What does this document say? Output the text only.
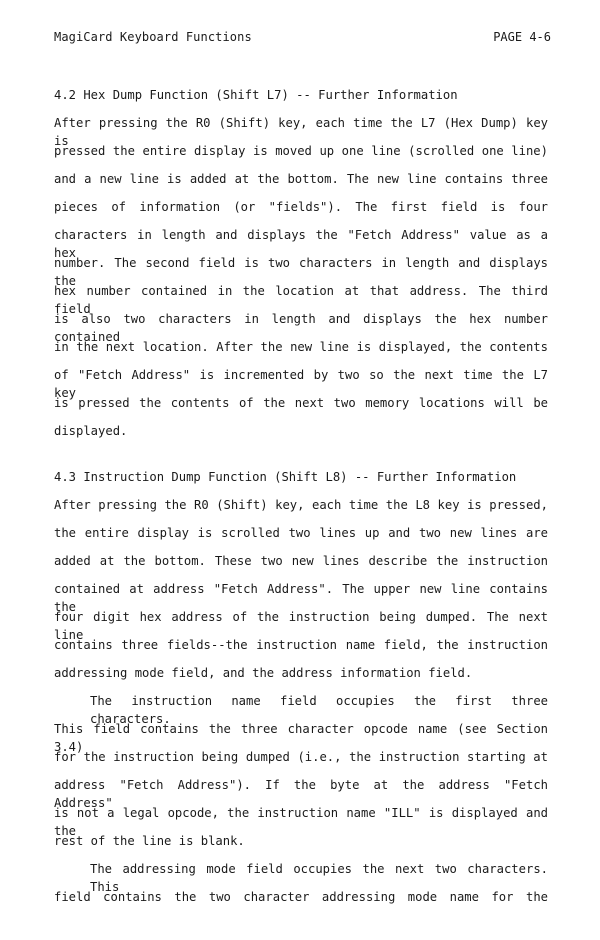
MagiCard Keyboard Functions	PAGE 4-6
4.2 Hex Dump Function (Shift L7) -- Further Information
After pressing the R0 (Shift) key, each time the L7 (Hex Dump) key is
pressed the entire display is moved up one line (scrolled one line)
and a new line is added at the bottom. The new line contains three
pieces of information (or "fields"). The first field is four
characters in length and displays the "Fetch Address" value as a hex
number. The second field is two characters in length and displays the
hex number contained in the location at that address. The third field
is also two characters in length and displays the hex number contained
in the next location. After the new line is displayed, the contents
of "Fetch Address" is incremented by two so the next time the L7 key
is pressed the contents of the next two memory locations will be
displayed.
4.3 Instruction Dump Function (Shift L8) -- Further Information
After pressing the R0 (Shift) key, each time the L8 key is pressed,
the entire display is scrolled two lines up and two new lines are
added at the bottom. These two new lines describe the instruction
contained at address "Fetch Address". The upper new line contains the
four digit hex address of the instruction being dumped. The next line
contains three fields--the instruction name field, the instruction
addressing mode field, and the address information field.
The instruction name field occupies the first three characters.
This field contains the three character opcode name (see Section 3.4)
for the instruction being dumped (i.e., the instruction starting at
address "Fetch Address"). If the byte at the address "Fetch Address"
is not a legal opcode, the instruction name "ILL" is displayed and the
rest of the line is blank.
The addressing mode field occupies the next two characters. This
field contains the two character addressing mode name for the
